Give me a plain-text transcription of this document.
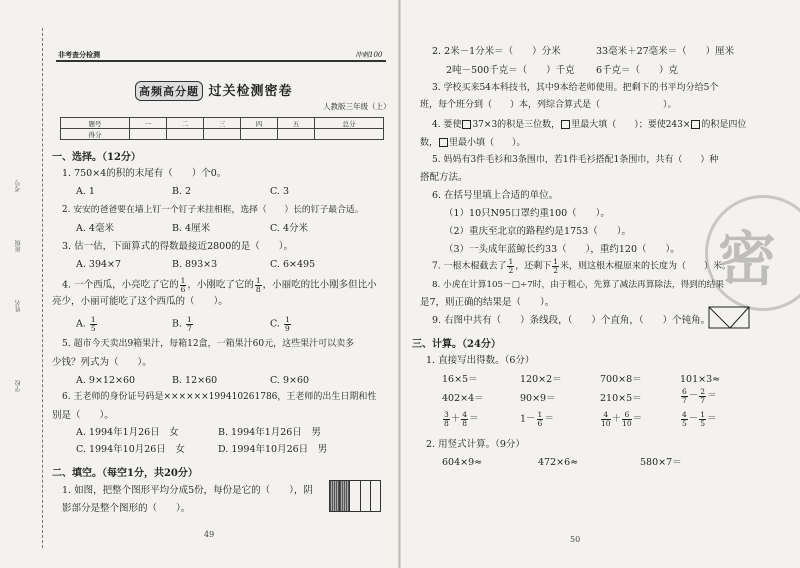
学校
姓名
班级
考号
非考查分检测	冲刺100
高频高分题 过关检测密卷
人教版三年级（上）
题号	一	二	三	四	五	总分
得分						
一、选择。（12分）
1. 750×4的积的末尾有（　　）个0。
A. 1	B. 2	C. 3
2. 安安的爸爸要在墙上钉一个钉子来挂相框，选择（　　）长的钉子最合适。
A. 4毫米	B. 4厘米	C. 4分米
3. 估一估，下面算式的得数最接近2800的是（　　）。
A. 394×7	B. 893×3	C. 6×495
4. 一个西瓜，小亮吃了它的 $\frac{1}{6}$ ，小刚吃了它的 $\frac{1}{8}$ ，小丽吃的比小刚多但比小
亮少，小丽可能吃了这个西瓜的（　　）。
A. $\frac{1}{5}$	B. $\frac{1}{7}$	C. $\frac{1}{9}$
5. 超市今天卖出9箱果汁，每箱12盒，一箱果汁60元，这些果汁可以卖多
少钱？列式为（　　）。
A. 9×12×60	B. 12×60	C. 9×60
6. 王老师的身份证号码是××××××199410261786，王老师的出生日期和性
别是（　　）。
A. 1994年1月26日　女	B. 1994年1月26日　男
C. 1994年10月26日　女	D. 1994年10月26日　男
二、填空。（每空1分，共20分）
1. 如图，把整个图形平均分成5份，每份是它的（　　），阴
影部分是整个图形的（　　）。
49
密
2. 2米－1分米＝（　　）分米	33毫米＋27毫米＝（　　）厘米
2吨－500千克＝（　　）千克 6千克＝（　　）克
3. 学校买来54本科技书，其中9本给老师使用。把剩下的书平均分给5个
班，每个班分到（　　）本，列综合算式是（　　　　　　　）。
4. 要使 37×3的积是三位数， 里最大填（　　）；要使243× 的积是四位
数， 里最小填（　　）。
5. 妈妈有3件毛衫和3条围巾，若1件毛衫搭配1条围巾，共有（　　）种
搭配方法。
6. 在括号里填上合适的单位。
（1）10只N95口罩约重100（　　）。
（2）重庆至北京的路程约是1753（　　）。
（3）一头成年蓝鲸长约33（　　），重约120（　　）。
7. 一根木棍截去了 $\frac{1}{2}$ ，还剩下 $\frac{1}{2}$ 米，则这根木棍原来的长度为（　　）米。
8. 小虎在计算105－□÷7时，由于粗心，先算了减法再算除法，得到的结果
是7，则正确的结果是（　　）。
9. 右图中共有（　　）条线段，（　　）个直角，（　　）个钝角。
三、计算。（24分）
1. 直接写出得数。（6分）
16×5＝	120×2＝	700×8＝	101×3≈
402×4＝	90×9＝	210×5＝	$\frac{6}{7} - \frac{2}{7}$ ＝
$\frac{3}{8} + \frac{4}{8}$ ＝	$1- \frac{1}{6}$ ＝	$\frac{4}{10} + \frac{6}{10}$ ＝	$\frac{4}{5} - \frac{1}{5}$ ＝
2. 用竖式计算。（9分）
604×9≈	472×6≈	580×7＝
50
